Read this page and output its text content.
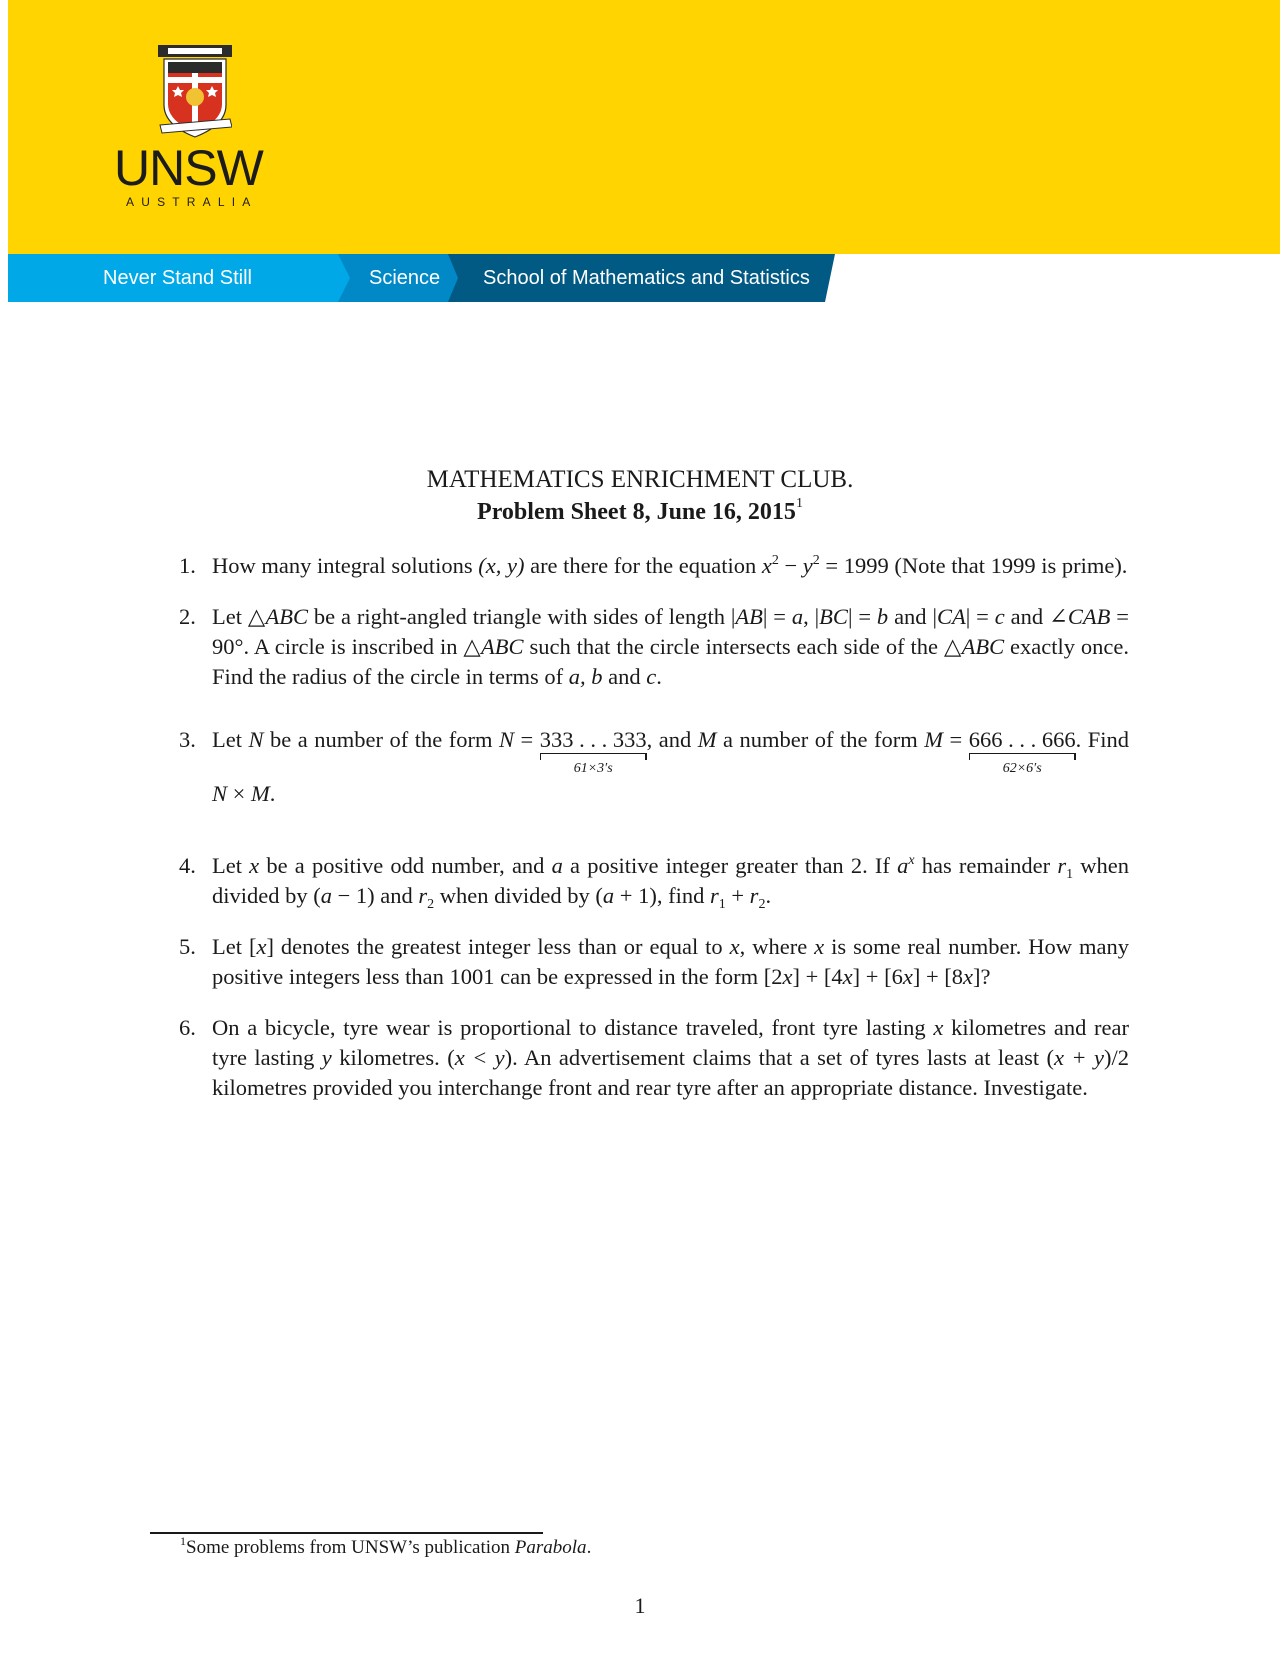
UNSW
AUSTRALIA
Never Stand Still	Science School of Mathematics and Statistics
MATHEMATICS ENRICHMENT CLUB.
Problem Sheet 8, June 16, 2015$^1$
1. How many integral solutions (x, y) are there for the equation $x^2 - y^2 = 1999$ (Note that 1999 is prime).
2. Let △ABC be a right-angled triangle with sides of length |AB| = a, |BC| = b and |CA| = c and ∠CAB = 90°. A circle is inscribed in △ABC such that the circle intersects each side of the △ABC exactly once. Find the radius of the circle in terms of a, b and c.
3. Let N be a number of the form N = 333 . . . 333
61×3′s
, and M a number of the form M = 666 . . . 666
62×6′s
. Find N × M.
4. Let x be a positive odd number, and a a positive integer greater than 2. If $a^x$ has remainder $r_1$ when divided by (a − 1) and $r_2$ when divided by (a + 1), find $r_1 + r_2$.
5. Let [x] denotes the greatest integer less than or equal to x, where x is some real number. How many positive integers less than 1001 can be expressed in the form [2x] + [4x] + [6x] + [8x]?
6. On a bicycle, tyre wear is proportional to distance traveled, front tyre lasting x kilometres and rear tyre lasting y kilometres. (x < y). An advertisement claims that a set of tyres lasts at least (x + y)/2 kilometres provided you interchange front and rear tyre after an appropriate distance. Investigate.
$^1$Some problems from UNSW’s publication Parabola.
1
